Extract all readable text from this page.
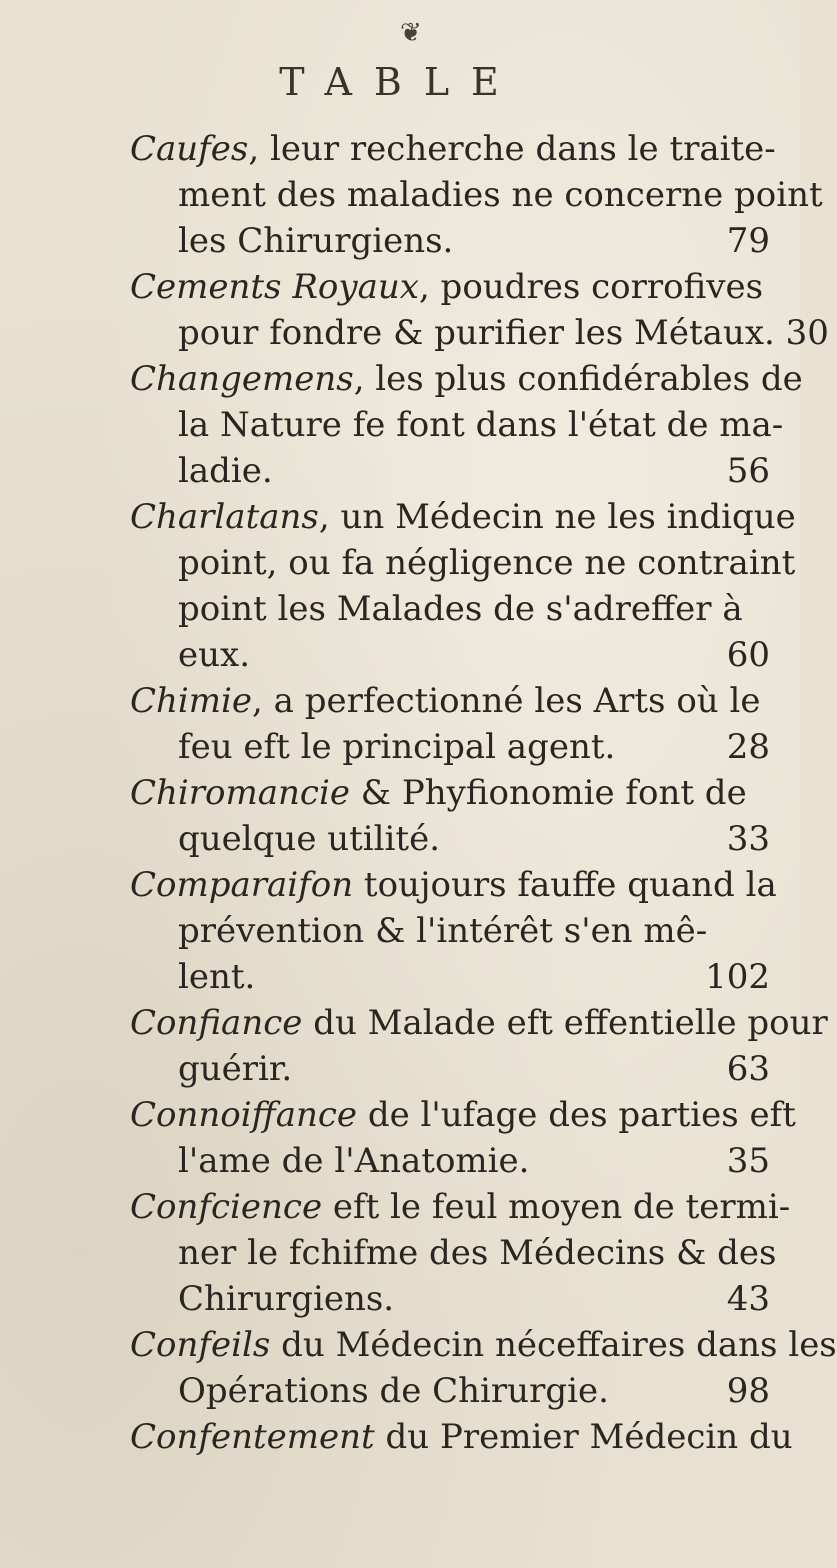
❦
TABLE
Caufes, leur recherche dans le traite-
ment des maladies ne concerne point
les Chirurgiens.	79
Cements Royaux, poudres corrofives
pour fondre & purifier les Métaux. 30
Changemens, les plus confidérables de
la Nature fe font dans l'état de ma-
ladie.	56
Charlatans, un Médecin ne les indique
point, ou fa négligence ne contraint
point les Malades de s'adreffer à
eux.	60
Chimie, a perfectionné les Arts où le
feu eft le principal agent.	28
Chiromancie & Phyfionomie font de
quelque utilité.	33
Comparaifon toujours fauffe quand la
prévention & l'intérêt s'en mê-
lent.	102
Confiance du Malade eft effentielle pour
guérir.	63
Connoiffance de l'ufage des parties eft
l'ame de l'Anatomie.	35
Confcience eft le feul moyen de termi-
ner le fchifme des Médecins & des
Chirurgiens.	43
Confeils du Médecin néceffaires dans les
Opérations de Chirurgie.	98
Confentement du Premier Médecin du
